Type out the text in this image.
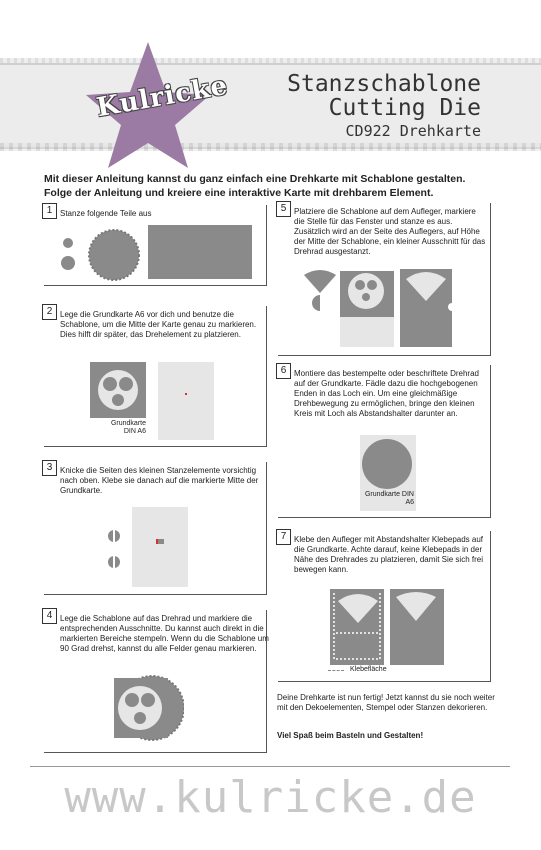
Kulricke Stanzschablone
Cutting Die
CD922 Drehkarte
Mit dieser Anleitung kannst du ganz einfach eine Drehkarte mit Schablone gestalten.
Folge der Anleitung und kreiere eine interaktive Karte mit drehbarem Element.
1 Stanze folgende Teile aus
2 Lege die Grundkarte A6 vor dich und benutze die Schablone, um die Mitte der Karte genau zu markieren. Dies hilft dir später, das Drehelement zu platzieren.
Grundkarte DIN A6
3 Knicke die Seiten des kleinen Stanzelemente vorsichtig nach oben. Klebe sie danach auf die markierte Mitte der Grundkarte.
4 Lege die Schablone auf das Drehrad und markiere die entsprechenden Ausschnitte. Du kannst auch direkt in die markierten Bereiche stempeln. Wenn du die Schablone um 90 Grad drehst, kannst du alle Felder genau markieren.
5 Platziere die Schablone auf dem Aufleger, markiere die Stelle für das Fenster und stanze es aus. Zusätzlich wird an der Seite des Auflegers, auf Höhe der Mitte der Schablone, ein kleiner Ausschnitt für das Drehrad ausgestanzt.
6 Montiere das bestempelte oder beschriftete Drehrad auf der Grundkarte. Fädle dazu die hochgebogenen Enden in das Loch ein. Um eine gleichmäßige Drehbewegung zu ermöglichen, bringe den kleinen Kreis mit Loch als Abstandshalter darunter an.
Grundkarte DIN A6
7 Klebe den Aufleger mit Abstandshalter Klebepads auf die Grundkarte. Achte darauf, keine Klebepads in der Nähe des Drehrades zu platzieren, damit Sie sich frei bewegen kann.
Klebefläche
Deine Drehkarte ist nun fertig! Jetzt kannst du sie noch weiter mit den Dekoelementen, Stempel oder Stanzen dekorieren.
Viel Spaß beim Basteln und Gestalten!
www.kulricke.de
